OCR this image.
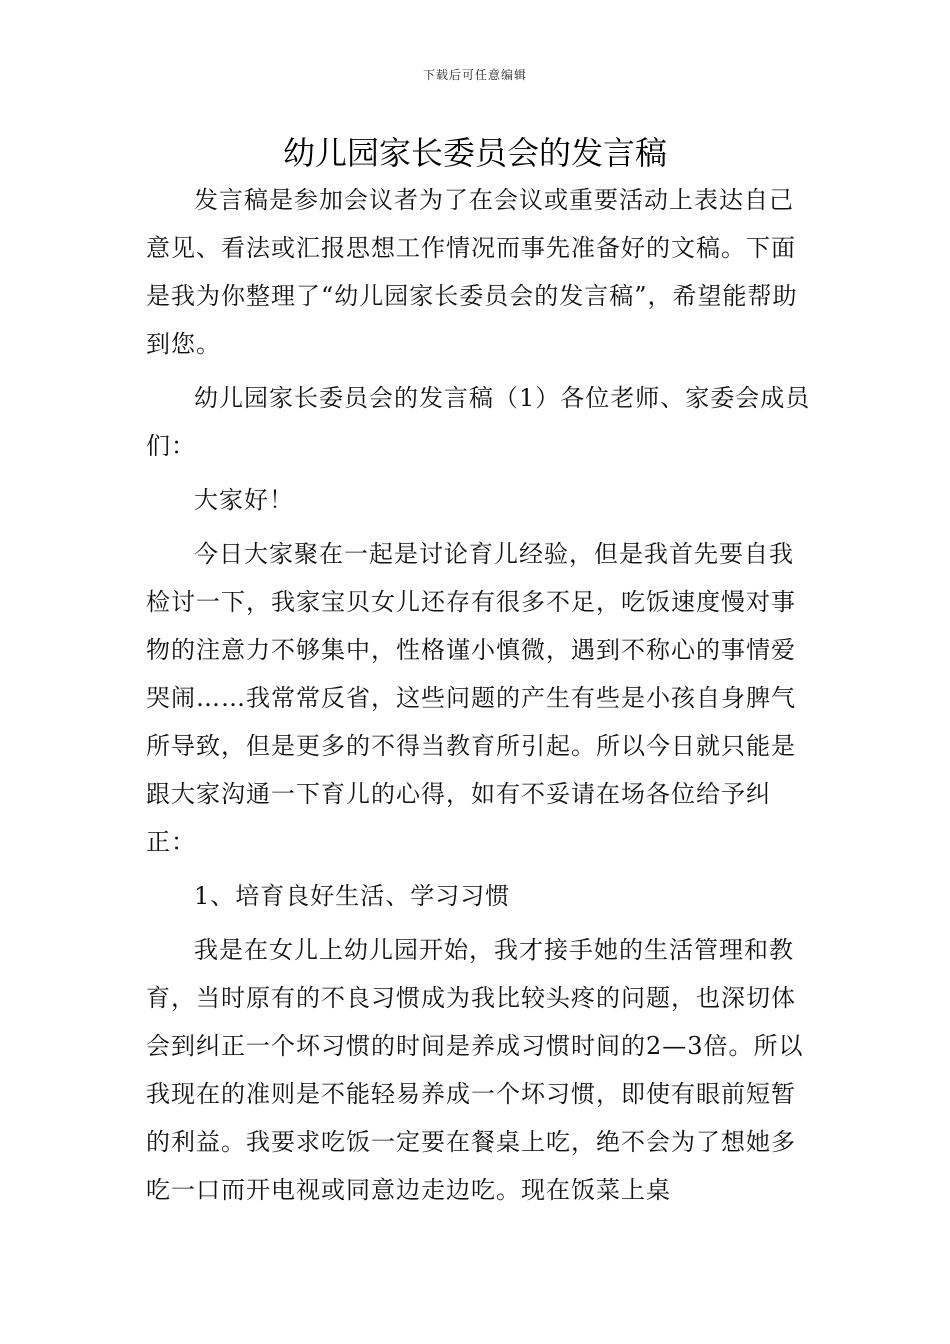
下载后可任意编辑
幼儿园家长委员会的发言稿

发言稿是参加会议者为了在会议或重要活动上表达自己意见、看法或汇报思想工作情况而事先准备好的文稿。下面是我为你整理了“幼儿园家长委员会的发言稿”，希望能帮助到您。

幼儿园家长委员会的发言稿（1）各位老师、家委会成员们：

大家好！

今日大家聚在一起是讨论育儿经验，但是我首先要自我检讨一下，我家宝贝女儿还存有很多不足，吃饭速度慢对事物的注意力不够集中，性格谨小慎微，遇到不称心的事情爱哭闹……我常常反省，这些问题的产生有些是小孩自身脾气所导致，但是更多的不得当教育所引起。所以今日就只能是跟大家沟通一下育儿的心得，如有不妥请在场各位给予纠正：

1、培育良好生活、学习习惯

我是在女儿上幼儿园开始，我才接手她的生活管理和教育，当时原有的不良习惯成为我比较头疼的问题，也深切体会到纠正一个坏习惯的时间是养成习惯时间的2—3倍。所以我现在的准则是不能轻易养成一个坏习惯，即使有眼前短暂的利益。我要求吃饭一定要在餐桌上吃，绝不会为了想她多吃一口而开电视或同意边走边吃。现在饭菜上桌
